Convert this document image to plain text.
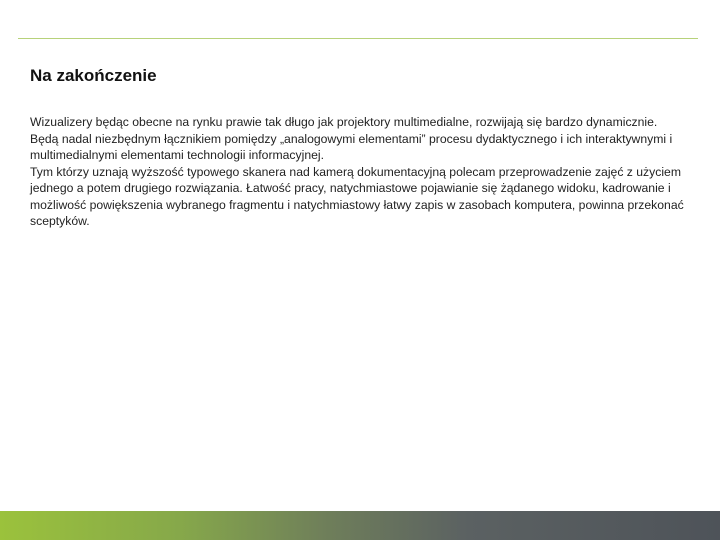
Na zakończenie

Wizualizery będąc obecne na rynku prawie tak długo jak projektory multimedialne, rozwijają się bardzo dynamicznie.

Będą nadal niezbędnym łącznikiem pomiędzy „analogowymi elementami” procesu dydaktycznego i ich interaktywnymi i multimedialnymi elementami technologii informacyjnej.

Tym którzy uznają wyższość typowego skanera nad kamerą dokumentacyjną polecam przeprowadzenie zajęć z użyciem jednego a potem drugiego rozwiązania. Łatwość pracy, natychmiastowe pojawianie się żądanego widoku, kadrowanie i możliwość powiększenia wybranego fragmentu i natychmiastowy łatwy zapis w zasobach komputera, powinna przekonać sceptyków.
